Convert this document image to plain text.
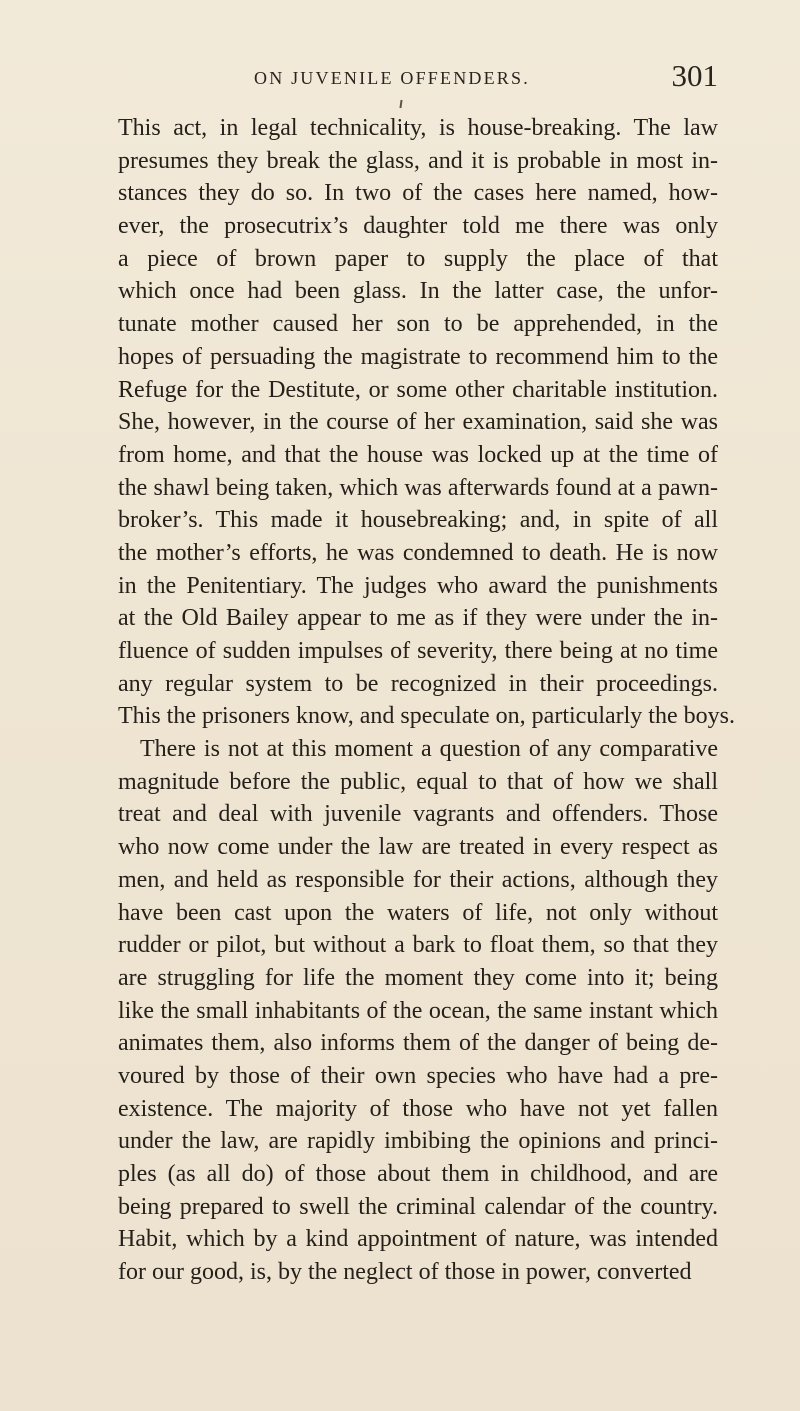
ON JUVENILE OFFENDERS.	301
This act, in legal technicality, is house-breaking. The law
presumes they break the glass, and it is probable in most in-
stances they do so. In two of the cases here named, how-
ever, the prosecutrix’s daughter told me there was only
a piece of brown paper to supply the place of that
which once had been glass. In the latter case, the unfor-
tunate mother caused her son to be apprehended, in the
hopes of persuading the magistrate to recommend him to the
Refuge for the Destitute, or some other charitable institution.
She, however, in the course of her examination, said she was
from home, and that the house was locked up at the time of
the shawl being taken, which was afterwards found at a pawn-
broker’s. This made it housebreaking; and, in spite of all
the mother’s efforts, he was condemned to death. He is now
in the Penitentiary. The judges who award the punishments
at the Old Bailey appear to me as if they were under the in-
fluence of sudden impulses of severity, there being at no time
any regular system to be recognized in their proceedings.
This the prisoners know, and speculate on, particularly the boys.
There is not at this moment a question of any comparative
magnitude before the public, equal to that of how we shall
treat and deal with juvenile vagrants and offenders. Those
who now come under the law are treated in every respect as
men, and held as responsible for their actions, although they
have been cast upon the waters of life, not only without
rudder or pilot, but without a bark to float them, so that they
are struggling for life the moment they come into it; being
like the small inhabitants of the ocean, the same instant which
animates them, also informs them of the danger of being de-
voured by those of their own species who have had a pre-
existence. The majority of those who have not yet fallen
under the law, are rapidly imbibing the opinions and princi-
ples (as all do) of those about them in childhood, and are
being prepared to swell the criminal calendar of the country.
Habit, which by a kind appointment of nature, was intended
for our good, is, by the neglect of those in power, converted
